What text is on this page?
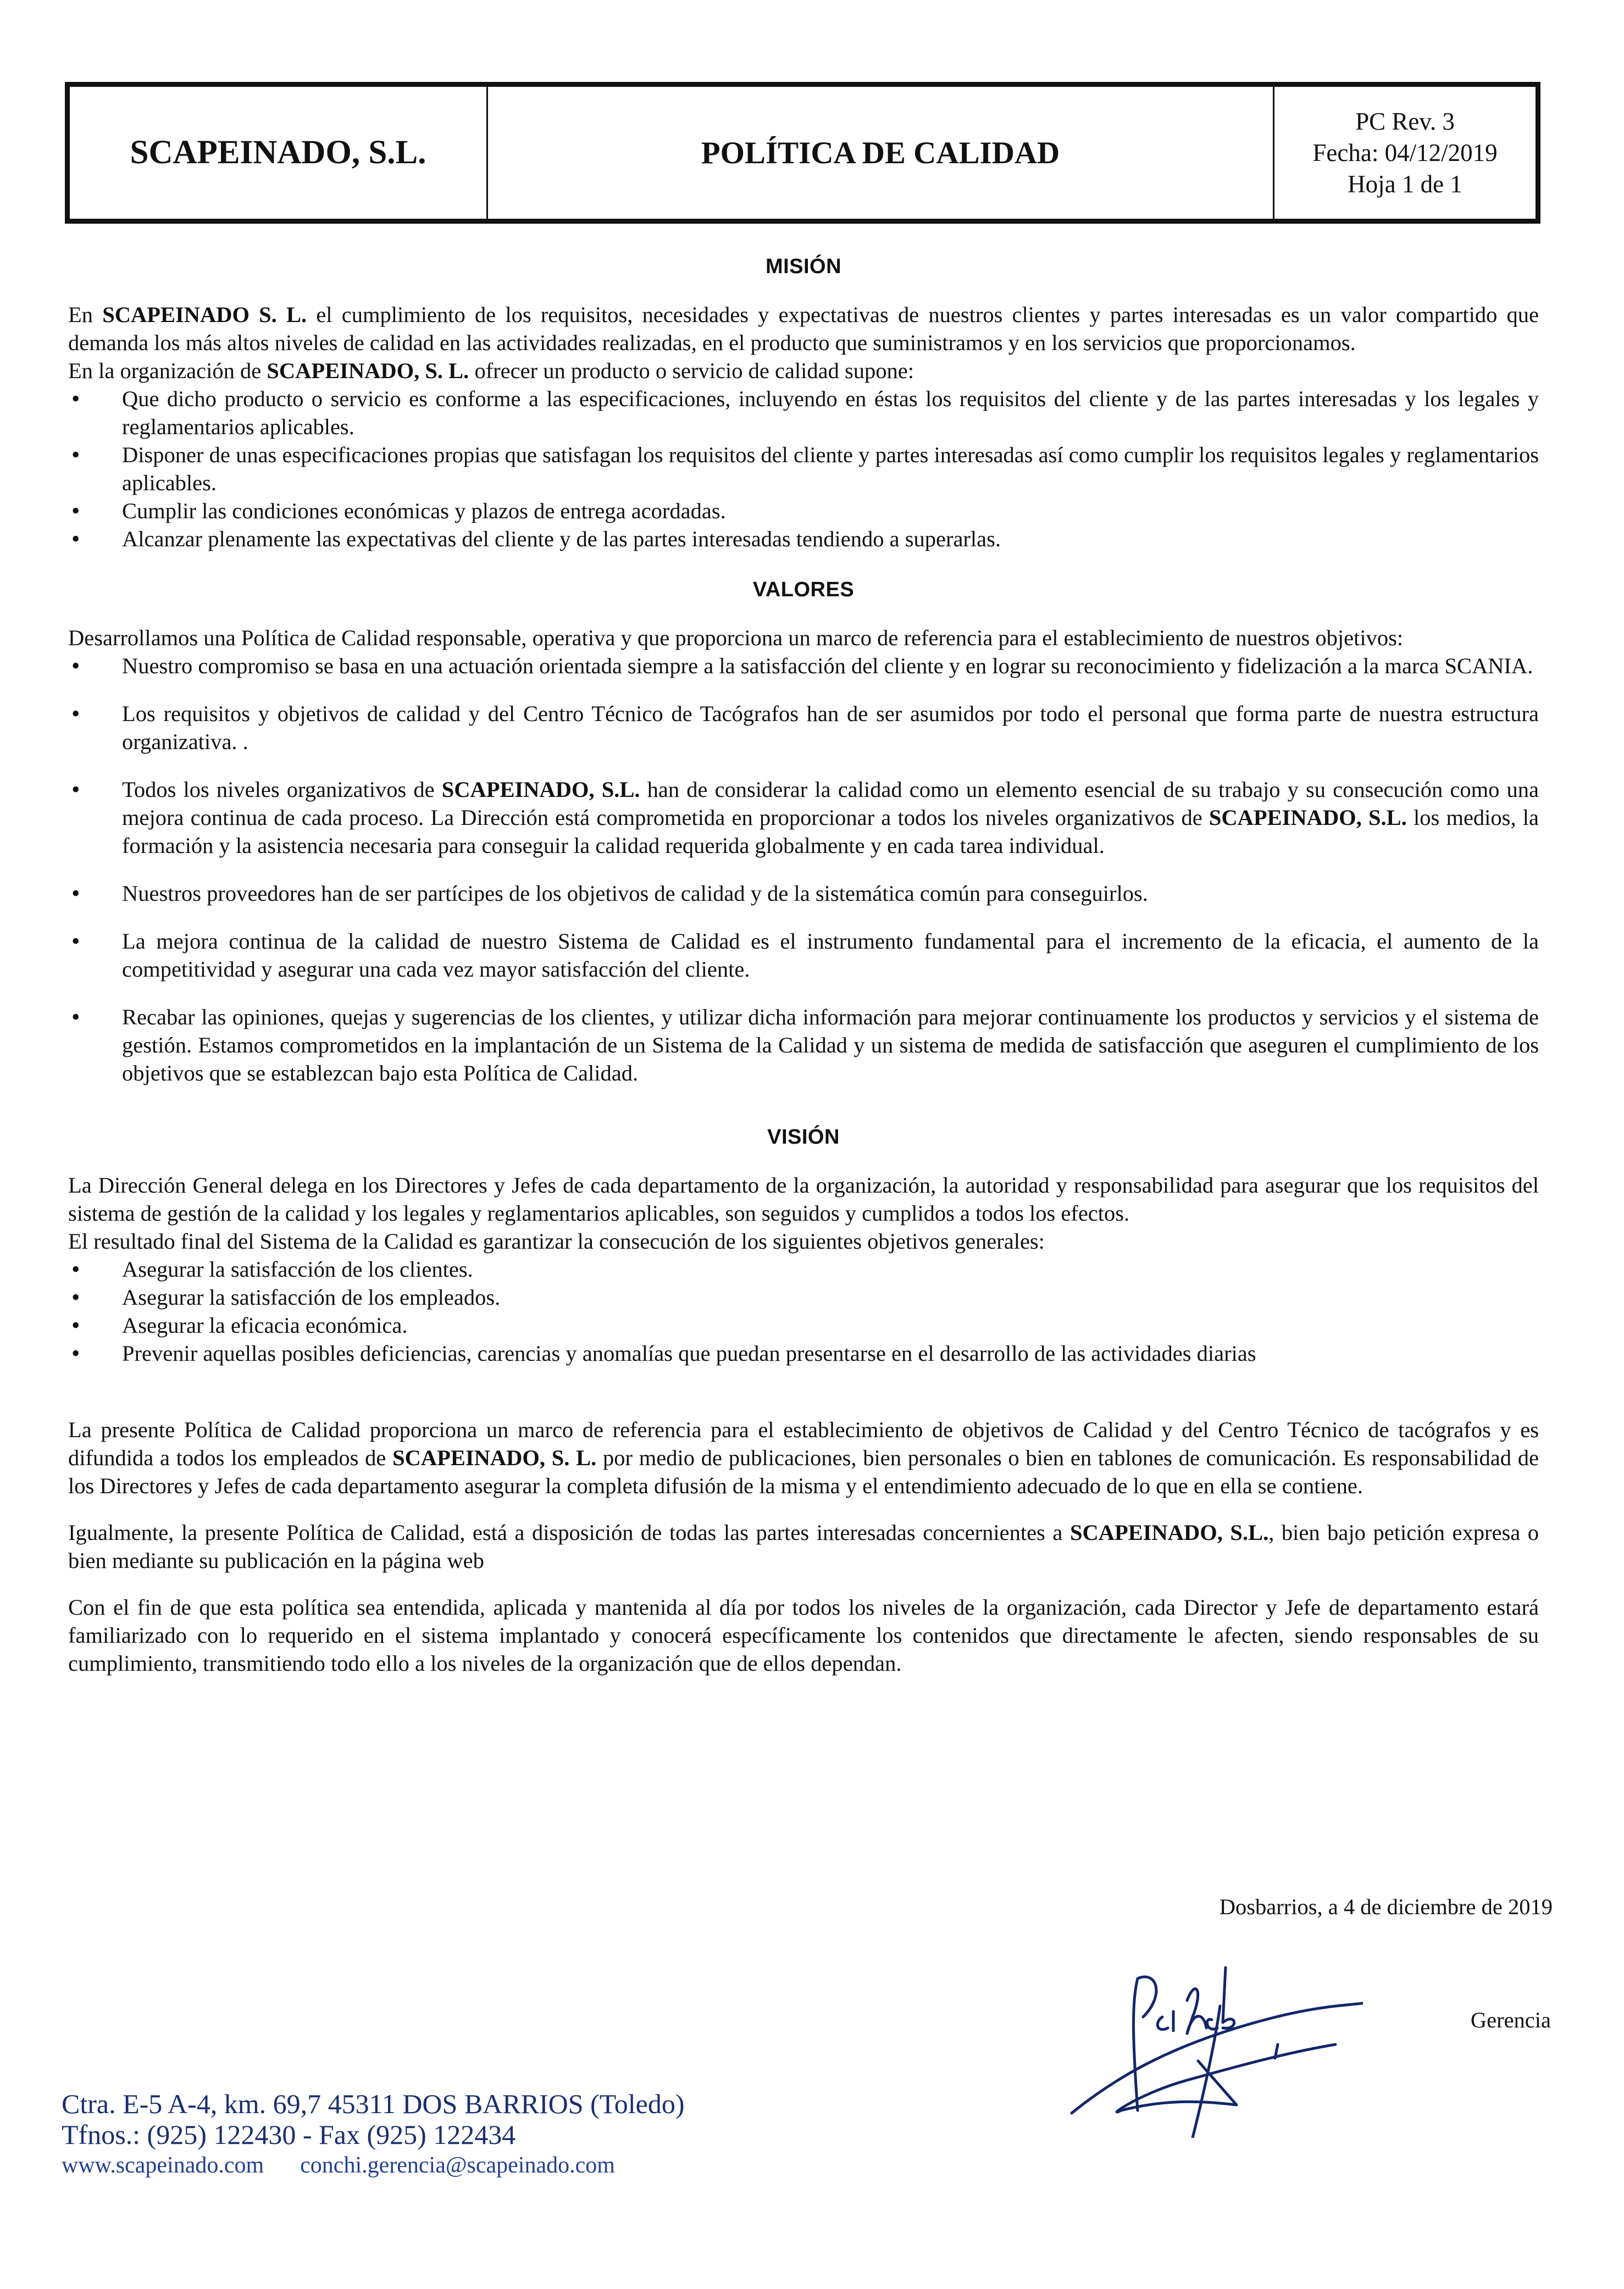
SCAPEINADO, S.L.	POLÍTICA DE CALIDAD
PC Rev. 3
Fecha: 04/12/2019
Hoja 1 de 1
MISIÓN

En SCAPEINADO S. L. el cumplimiento de los requisitos, necesidades y expectativas de nuestros clientes y partes interesadas es un valor compartido que demanda los más altos niveles de calidad en las actividades realizadas, en el producto que suministramos y en los servicios que proporcionamos.

En la organización de SCAPEINADO, S. L. ofrecer un producto o servicio de calidad supone:

• Que dicho producto o servicio es conforme a las especificaciones, incluyendo en éstas los requisitos del cliente y de las partes interesadas y los legales y reglamentarios aplicables.
• Disponer de unas especificaciones propias que satisfagan los requisitos del cliente y partes interesadas así como cumplir los requisitos legales y reglamentarios aplicables.
• Cumplir las condiciones económicas y plazos de entrega acordadas.
• Alcanzar plenamente las expectativas del cliente y de las partes interesadas tendiendo a superarlas.
VALORES

Desarrollamos una Política de Calidad responsable, operativa y que proporciona un marco de referencia para el establecimiento de nuestros objetivos:

• Nuestro compromiso se basa en una actuación orientada siempre a la satisfacción del cliente y en lograr su reconocimiento y fidelización a la marca SCANIA.
• Los requisitos y objetivos de calidad y del Centro Técnico de Tacógrafos han de ser asumidos por todo el personal que forma parte de nuestra estructura organizativa. .
• Todos los niveles organizativos de SCAPEINADO, S.L. han de considerar la calidad como un elemento esencial de su trabajo y su consecución como una mejora continua de cada proceso. La Dirección está comprometida en proporcionar a todos los niveles organizativos de SCAPEINADO, S.L. los medios, la formación y la asistencia necesaria para conseguir la calidad requerida globalmente y en cada tarea individual.
• Nuestros proveedores han de ser partícipes de los objetivos de calidad y de la sistemática común para conseguirlos.
• La mejora continua de la calidad de nuestro Sistema de Calidad es el instrumento fundamental para el incremento de la eficacia, el aumento de la competitividad y asegurar una cada vez mayor satisfacción del cliente.
• Recabar las opiniones, quejas y sugerencias de los clientes, y utilizar dicha información para mejorar continuamente los productos y servicios y el sistema de gestión. Estamos comprometidos en la implantación de un Sistema de la Calidad y un sistema de medida de satisfacción que aseguren el cumplimiento de los objetivos que se establezcan bajo esta Política de Calidad.
VISIÓN

La Dirección General delega en los Directores y Jefes de cada departamento de la organización, la autoridad y responsabilidad para asegurar que los requisitos del sistema de gestión de la calidad y los legales y reglamentarios aplicables, son seguidos y cumplidos a todos los efectos.

El resultado final del Sistema de la Calidad es garantizar la consecución de los siguientes objetivos generales:

• Asegurar la satisfacción de los clientes.
• Asegurar la satisfacción de los empleados.
• Asegurar la eficacia económica.
• Prevenir aquellas posibles deficiencias, carencias y anomalías que puedan presentarse en el desarrollo de las actividades diarias

La presente Política de Calidad proporciona un marco de referencia para el establecimiento de objetivos de Calidad y del Centro Técnico de tacógrafos y es difundida a todos los empleados de SCAPEINADO, S. L. por medio de publicaciones, bien personales o bien en tablones de comunicación. Es responsabilidad de los Directores y Jefes de cada departamento asegurar la completa difusión de la misma y el entendimiento adecuado de lo que en ella se contiene.

Igualmente, la presente Política de Calidad, está a disposición de todas las partes interesadas concernientes a SCAPEINADO, S.L., bien bajo petición expresa o bien mediante su publicación en la página web

Con el fin de que esta política sea entendida, aplicada y mantenida al día por todos los niveles de la organización, cada Director y Jefe de departamento estará familiarizado con lo requerido en el sistema implantado y conocerá específicamente los contenidos que directamente le afecten, siendo responsables de su cumplimiento, transmitiendo todo ello a los niveles de la organización que de ellos dependan.

Dosbarrios, a 4 de diciembre de 2019
Gerencia
Ctra. E-5 A-4, km. 69,7 45311 DOS BARRIOS (Toledo)
Tfnos.: (925) 122430 - Fax (925) 122434
www.scapeinado.com conchi.gerencia@scapeinado.com
